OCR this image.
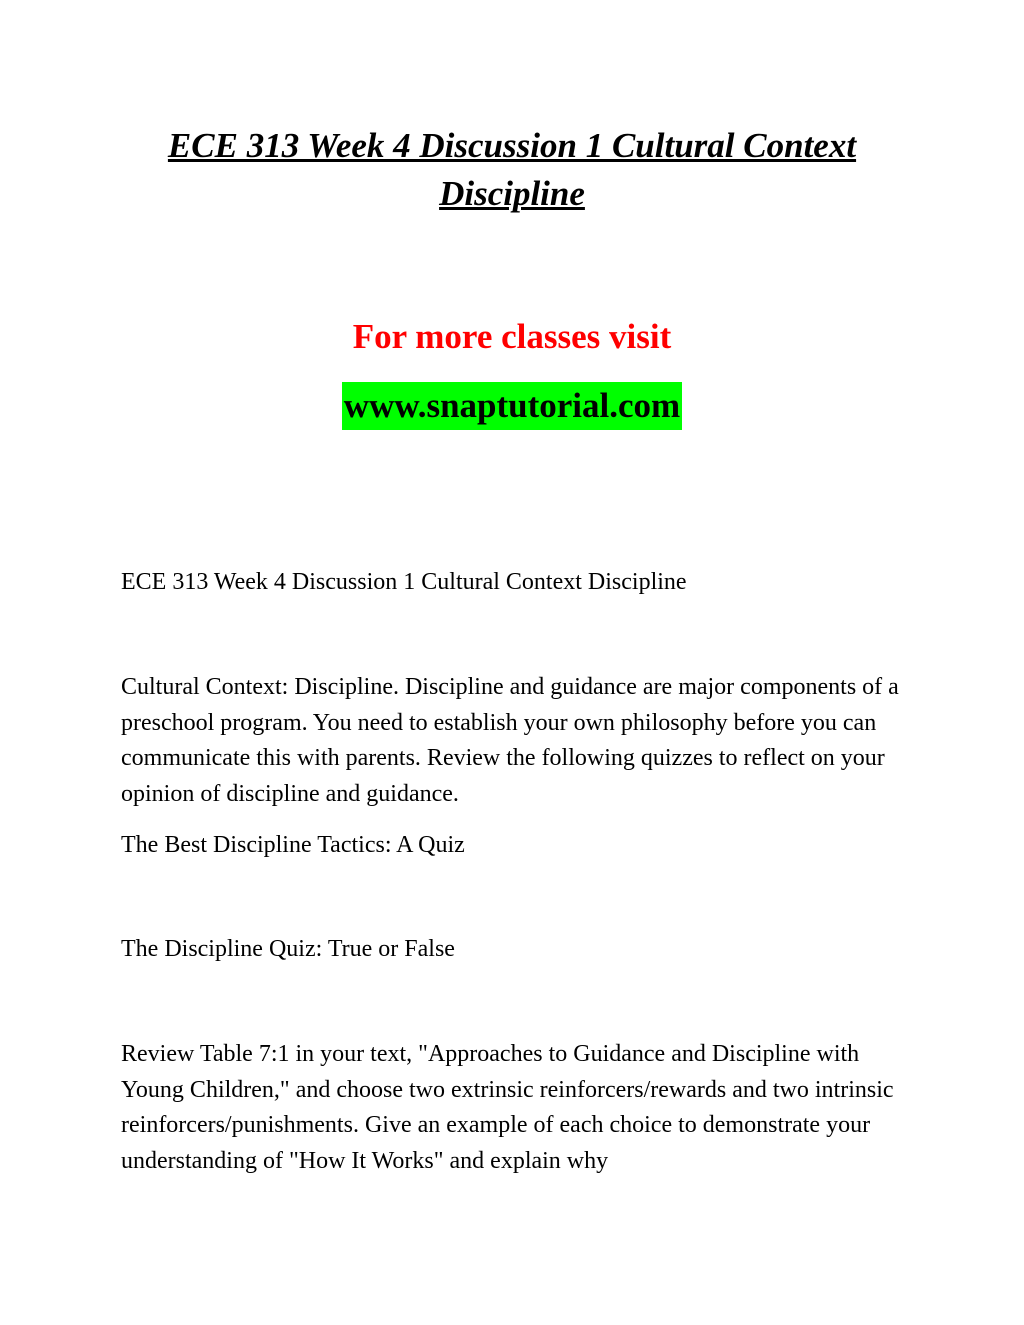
ECE 313 Week 4 Discussion 1 Cultural Context Discipline
For more classes visit
www.snaptutorial.com

ECE 313 Week 4 Discussion 1 Cultural Context Discipline

Cultural Context: Discipline. Discipline and guidance are major components of a preschool program. You need to establish your own philosophy before you can communicate this with parents. Review the following quizzes to reflect on your opinion of discipline and guidance.

The Best Discipline Tactics: A Quiz

The Discipline Quiz: True or False

Review Table 7:1 in your text, "Approaches to Guidance and Discipline with Young Children," and choose two extrinsic reinforcers/rewards and two intrinsic reinforcers/punishments. Give an example of each choice to demonstrate your understanding of "How It Works" and explain why
